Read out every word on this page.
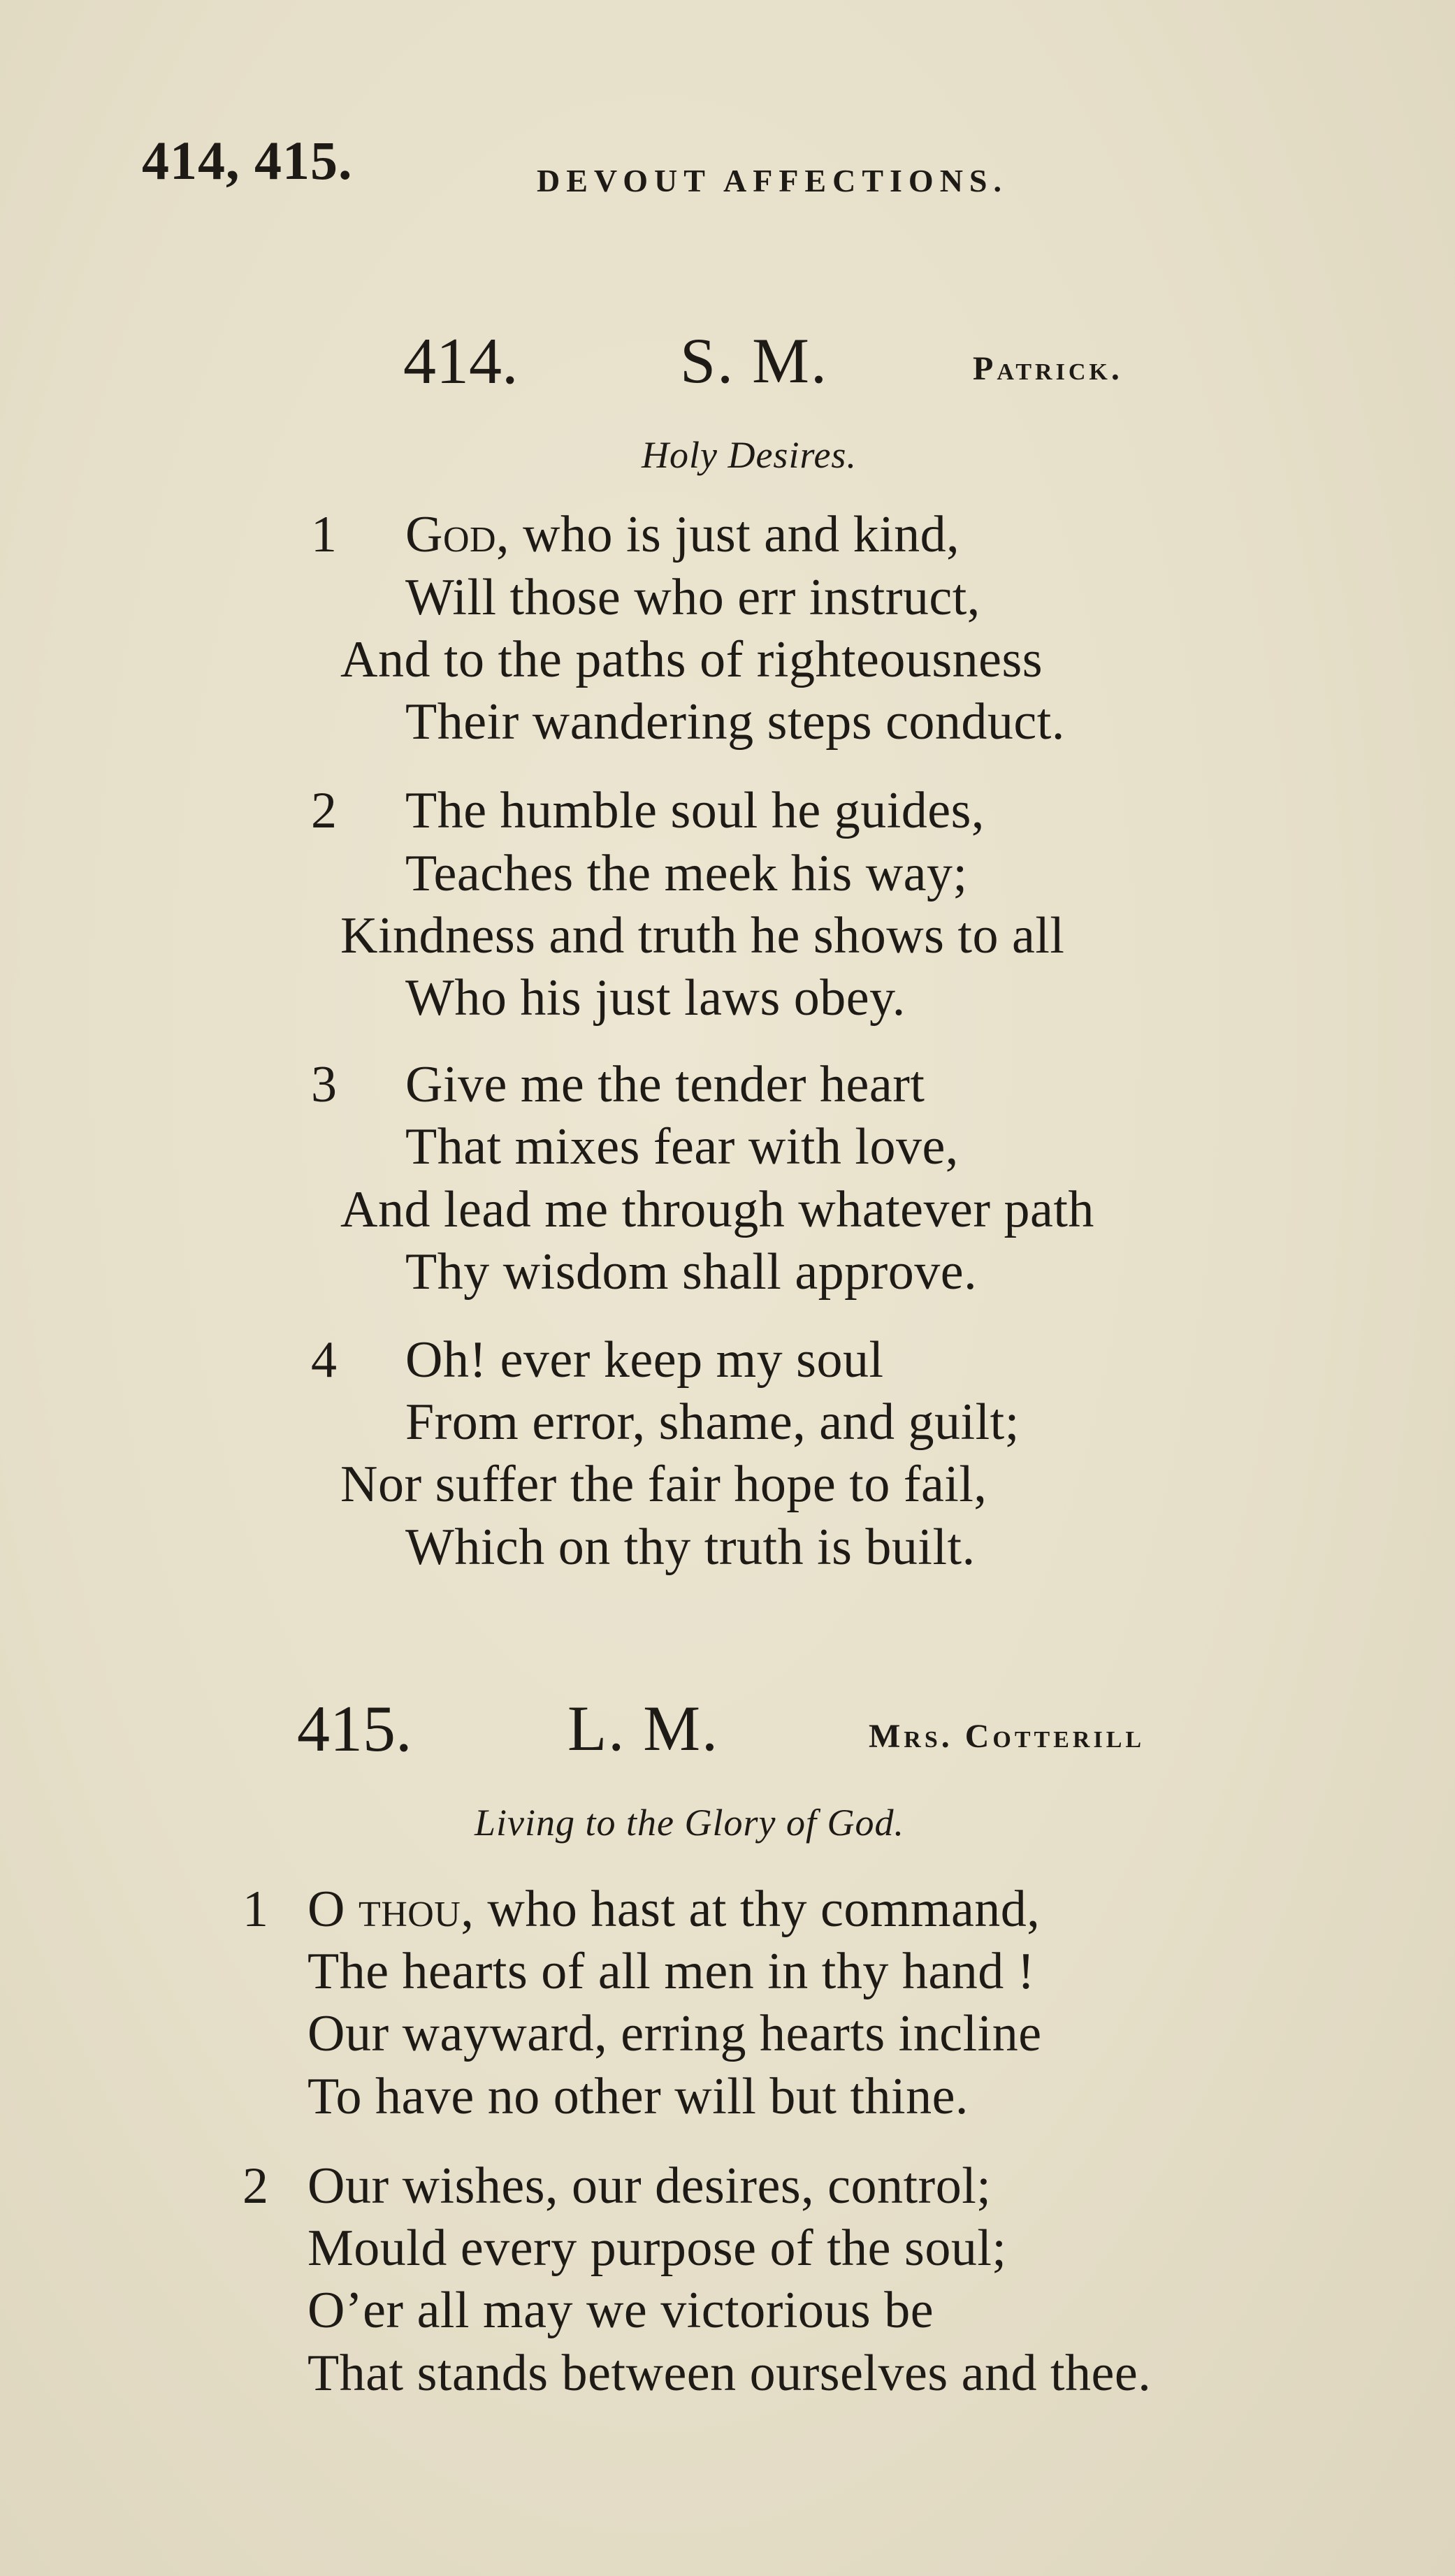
414, 415.	DEVOUT AFFECTIONS.
414.	S. M.	Patrick.
Holy Desires.
1 God, who is just and kind,
Will those who err instruct,
And to the paths of righteousness
Their wandering steps conduct.
2 The humble soul he guides,
Teaches the meek his way;
Kindness and truth he shows to all
Who his just laws obey.
3 Give me the tender heart
That mixes fear with love,
And lead me through whatever path
Thy wisdom shall approve.
4 Oh! ever keep my soul
From error, shame, and guilt;
Nor suffer the fair hope to fail,
Which on thy truth is built.
415. L. M.	Mrs. Cotterill
Living to the Glory of God.
1 O thou, who hast at thy command,
The hearts of all men in thy hand !
Our wayward, erring hearts incline
To have no other will but thine.
2 Our wishes, our desires, control;
Mould every purpose of the soul;
O’er all may we victorious be
That stands between ourselves and thee.
